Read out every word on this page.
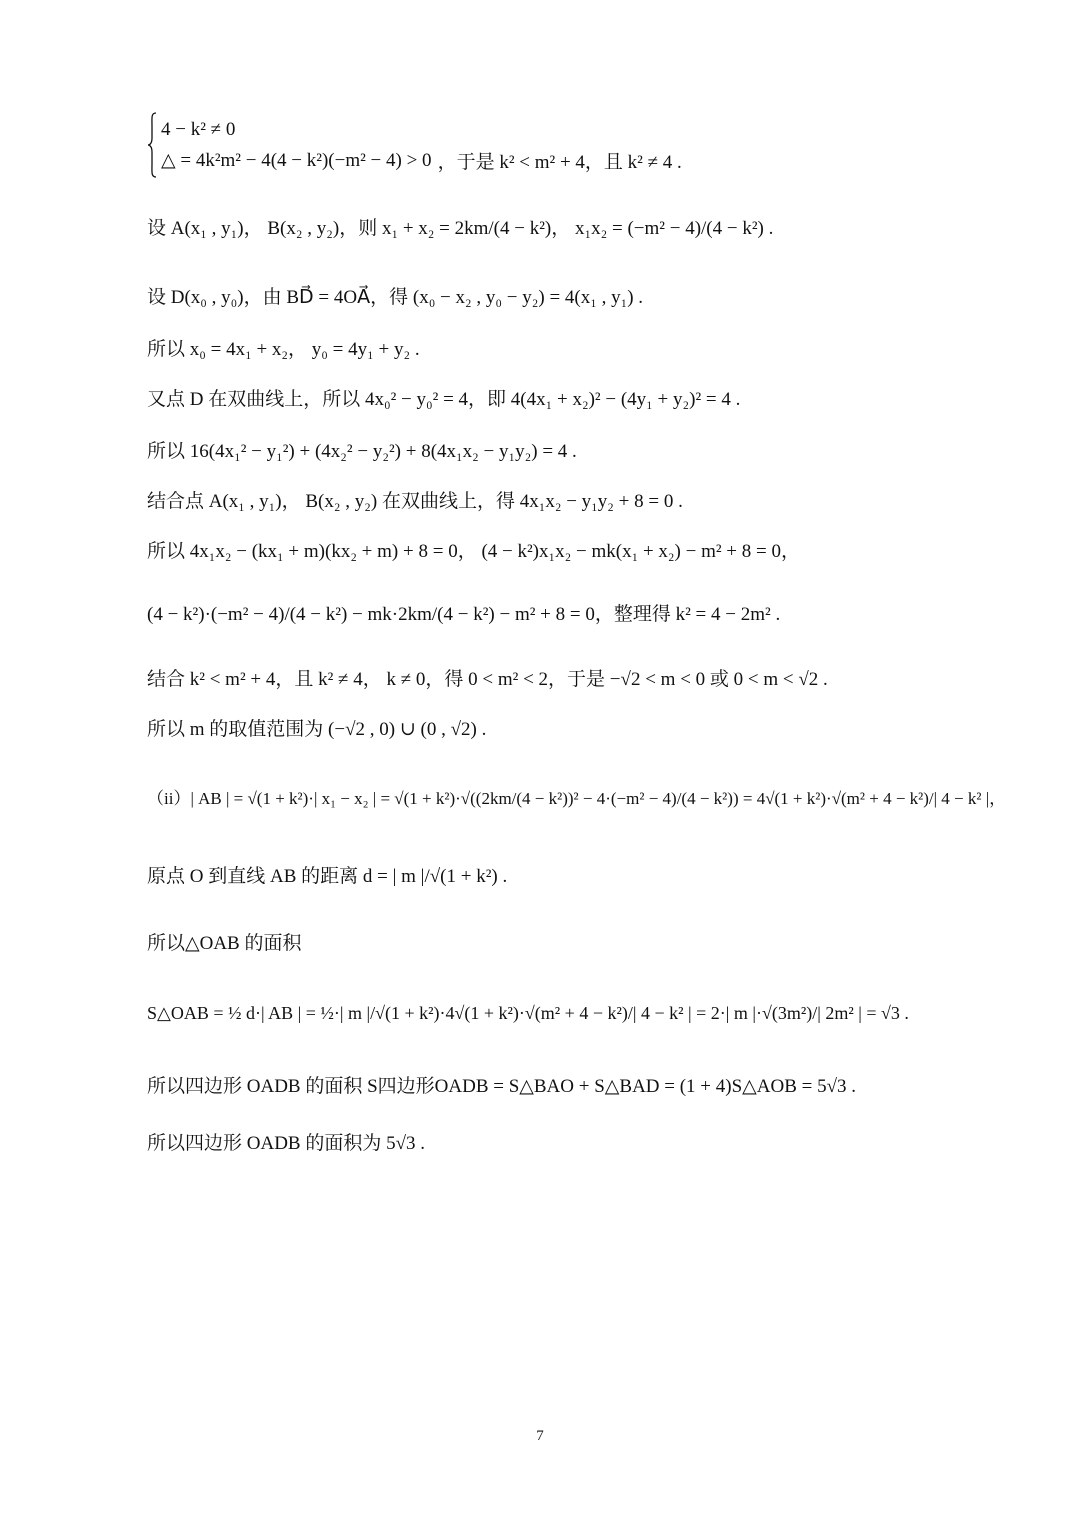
4 − k² ≠ 0
△ = 4k²m² − 4(4 − k²)(−m² − 4) > 0 ，于是 k² < m² + 4，且 k² ≠ 4 .
设 A(x₁ , y₁)， B(x₂ , y₂)，则 x₁ + x₂ = 2km/(4 − k²)， x₁x₂ = (−m² − 4)/(4 − k²) .
设 D(x₀ , y₀)，由 BD⃗ = 4OA⃗，得 (x₀ − x₂ , y₀ − y₂) = 4(x₁ , y₁) .
所以 x₀ = 4x₁ + x₂， y₀ = 4y₁ + y₂ .
又点 D 在双曲线上，所以 4x₀² − y₀² = 4，即 4(4x₁ + x₂)² − (4y₁ + y₂)² = 4 .
所以 16(4x₁² − y₁²) + (4x₂² − y₂²) + 8(4x₁x₂ − y₁y₂) = 4 .
结合点 A(x₁ , y₁)， B(x₂ , y₂) 在双曲线上，得 4x₁x₂ − y₁y₂ + 8 = 0 .
所以 4x₁x₂ − (kx₁ + m)(kx₂ + m) + 8 = 0， (4 − k²)x₁x₂ − mk(x₁ + x₂) − m² + 8 = 0，
(4 − k²)·(−m² − 4)/(4 − k²) − mk·2km/(4 − k²) − m² + 8 = 0，整理得 k² = 4 − 2m² .
结合 k² < m² + 4，且 k² ≠ 4， k ≠ 0，得 0 < m² < 2，于是 −√2 < m < 0 或 0 < m < √2 .
所以 m 的取值范围为 (−√2 , 0) ∪ (0 , √2) .
（ii）| AB | = √(1 + k²)·| x₁ − x₂ | = √(1 + k²)·√((2km/(4 − k²))² − 4·(−m² − 4)/(4 − k²)) = 4√(1 + k²)·√(m² + 4 − k²)/| 4 − k² |，
原点 O 到直线 AB 的距离 d = | m |/√(1 + k²) .
所以△OAB 的面积
S△OAB = ½ d·| AB | = ½·| m |/√(1 + k²)·4√(1 + k²)·√(m² + 4 − k²)/| 4 − k² | = 2·| m |·√(3m²)/| 2m² | = √3 .
所以四边形 OADB 的面积 S四边形OADB = S△BAO + S△BAD = (1 + 4)S△AOB = 5√3 .
所以四边形 OADB 的面积为 5√3 .
7
